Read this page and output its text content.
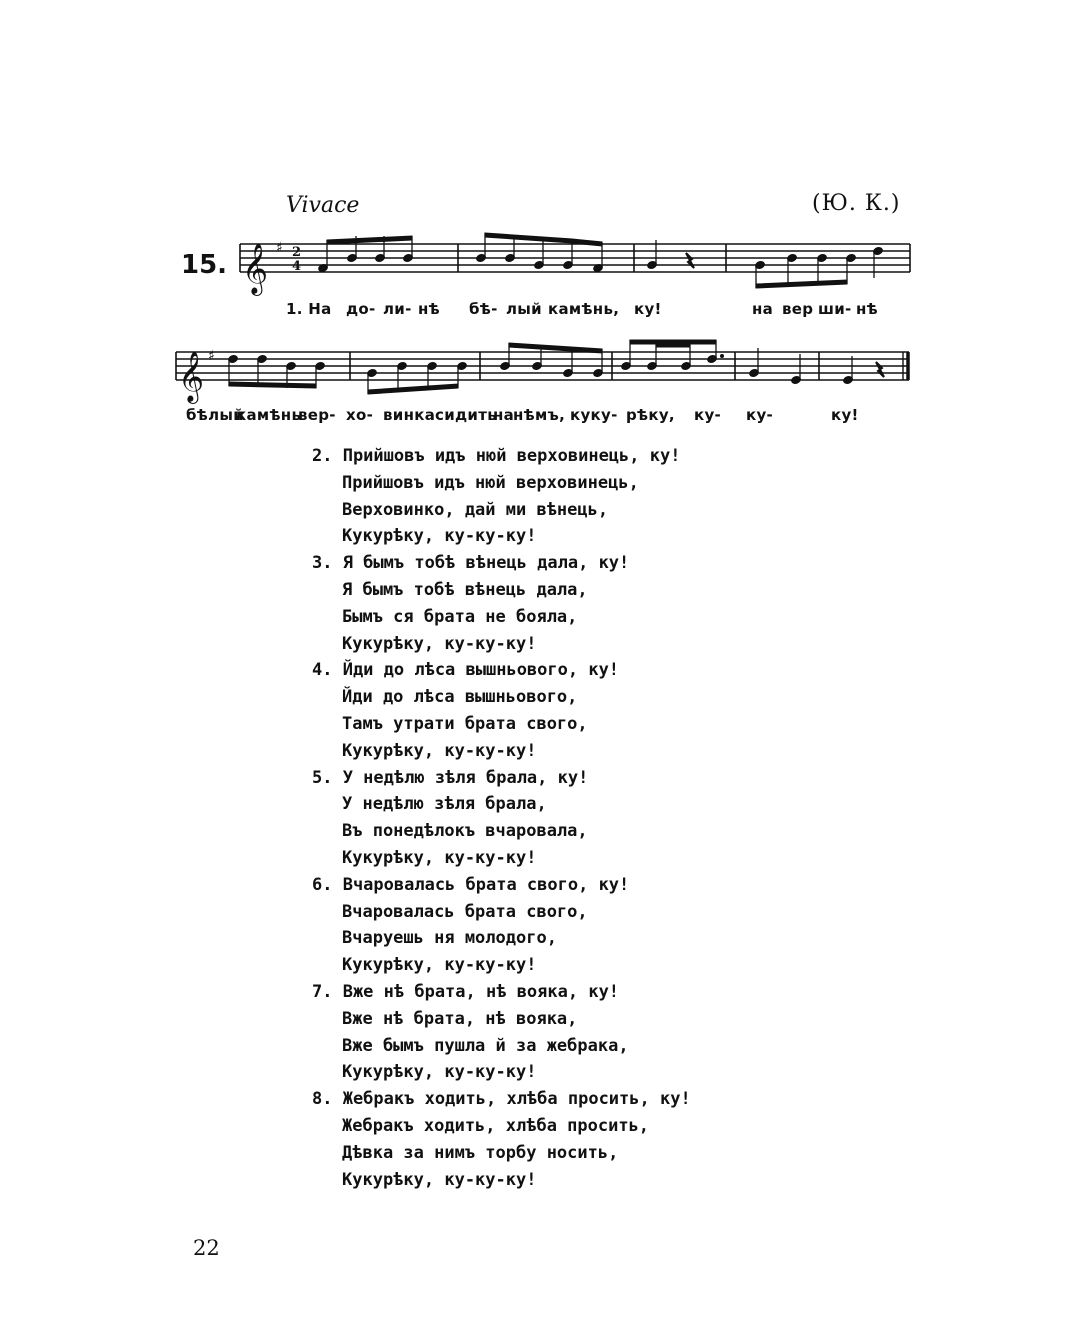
Vivace	(Ю. К.)
15. 𝄞 ♯ 2
4
𝄞 ♯
1. На до- ли- нѣ бѣ- лый камѣнь, ку!	на вер ши- нѣ
бѣлый
камѣнь
вер- хо- винка сидить
на
нѣмъ, куку- рѣку, ку- ку-	ку!
2. Прийшовъ идъ нюй верховинець, ку!
Прийшовъ идъ нюй верховинець,
Верховинко, дай ми вѣнець,
Кукурѣку, ку-ку-ку!
3. Я бымъ тобѣ вѣнець дала, ку!
Я бымъ тобѣ вѣнець дала,
Бымъ ся брата не бояла,
Кукурѣку, ку-ку-ку!
4. Йди до лѣса вышньового, ку!
Йди до лѣса вышньового,
Тамъ утрати брата свого,
Кукурѣку, ку-ку-ку!
5. У недѣлю зѣля брала, ку!
У недѣлю зѣля брала,
Въ понедѣлокъ вчаровала,
Кукурѣку, ку-ку-ку!
6. Вчаровалась брата свого, ку!
Вчаровалась брата свого,
Вчаруешь ня молодого,
Кукурѣку, ку-ку-ку!
7. Вже нѣ брата, нѣ вояка, ку!
Вже нѣ брата, нѣ вояка,
Вже бымъ пушла й за жебрака,
Кукурѣку, ку-ку-ку!
8. Жебракъ ходить, хлѣба просить, ку!
Жебракъ ходить, хлѣба просить,
Дѣвка за нимъ торбу носить,
Кукурѣку, ку-ку-ку!
22
